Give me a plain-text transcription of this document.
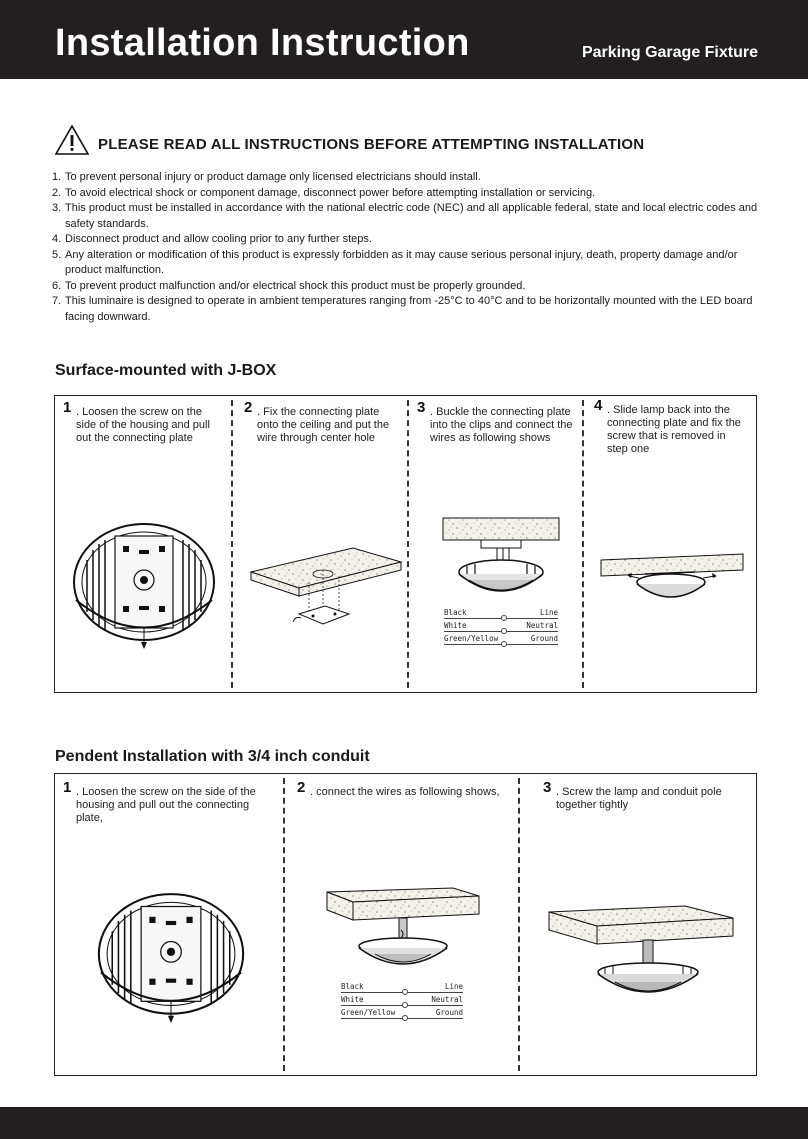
Installation Instruction	Parking Garage Fixture
PLEASE READ ALL INSTRUCTIONS BEFORE ATTEMPTING INSTALLATION
1. To prevent personal injury or product damage only licensed electricians should install.
2. To avoid electrical shock or component damage, disconnect power before attempting installation or servicing.
3. This product must be installed in accordance with the national electric code (NEC) and all applicable federal, state and local electric codes and safety standards.
4. Disconnect product and allow cooling prior to any further steps.
5. Any alteration or modification of this product is expressly forbidden as it may cause serious personal injury, death, property damage and/or product malfunction.
6. To prevent product malfunction and/or electrical shock this product must be properly grounded.
7. This luminaire is designed to operate in ambient temperatures ranging from -25°C to 40°C and to be horizontally mounted with the LED board facing downward.
Surface-mounted with J-BOX
1 . Loosen the screw on the side of the housing and pull out the connecting plate
2 . Fix the connecting plate onto the ceiling and put the wire through center hole
3 . Buckle the connecting plate into the clips and connect the wires as following shows
4 . Slide lamp back into the connecting plate and fix the screw that is removed in step one
Black	Line
White	Neutral
Green/Yellow	Ground
Pendent Installation with 3/4 inch conduit
1 . Loosen the screw on the side of the housing and pull out the connecting plate,
2 . connect the wires as following shows,	3 . Screw the lamp and conduit pole together tightly
Black	Line
White	Neutral
Green/Yellow	Ground
